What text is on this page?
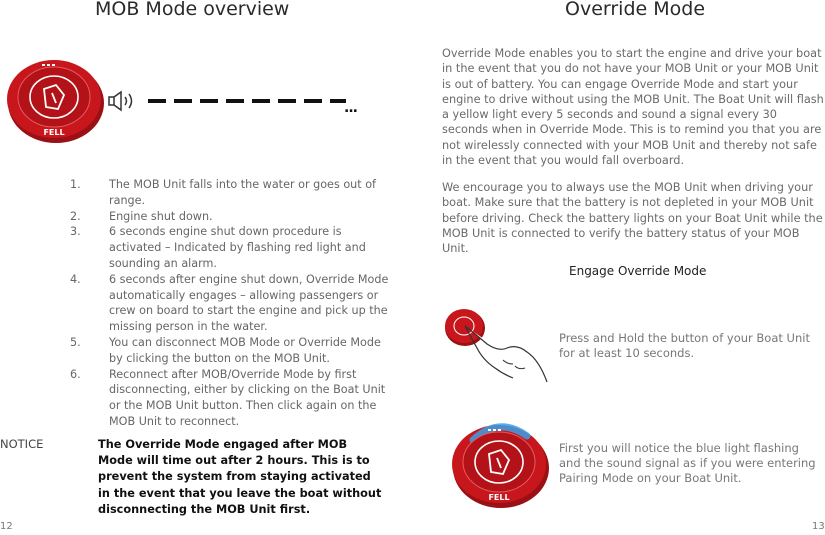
MOB Mode overview
FELL
...
1.	The MOB Unit falls into the water or goes out of range.
2.	Engine shut down.
3.	6 seconds engine shut down procedure is activated – Indicated by flashing red light and sounding an alarm.
4.	6 seconds after engine shut down, Override Mode automatically engages – allowing passengers or crew on board to start the engine and pick up the missing person in the water.
5.	You can disconnect MOB Mode or Override Mode by clicking the button on the MOB Unit.
6.	Reconnect after MOB/Override Mode by first disconnecting, either by clicking on the Boat Unit or the MOB Unit button. Then click again on the MOB Unit to reconnect.
NOTICE	The Override Mode engaged after MOB Mode will time out after 2 hours. This is to prevent the system from staying activated in the event that you leave the boat without disconnecting the MOB Unit first.
12
Override Mode
Override Mode enables you to start the engine and drive your boat in the event that you do not have your MOB Unit or your MOB Unit is out of battery. You can engage Override Mode and start your engine to drive without using the MOB Unit. The Boat Unit will flash a yellow light every 5 seconds and sound a signal every 30 seconds when in Override Mode. This is to remind you that you are not wirelessly connected with your MOB Unit and thereby not safe in the event that you would fall overboard.
We encourage you to always use the MOB Unit when driving your boat. Make sure that the battery is not depleted in your MOB Unit before driving. Check the battery lights on your Boat Unit while the MOB Unit is connected to verify the battery status of your MOB Unit.
Engage Override Mode
Press and Hold the button of your Boat Unit for at least 10 seconds.
FELL
First you will notice the blue light flashing and the sound signal as if you were entering Pairing Mode on your Boat Unit.
13
